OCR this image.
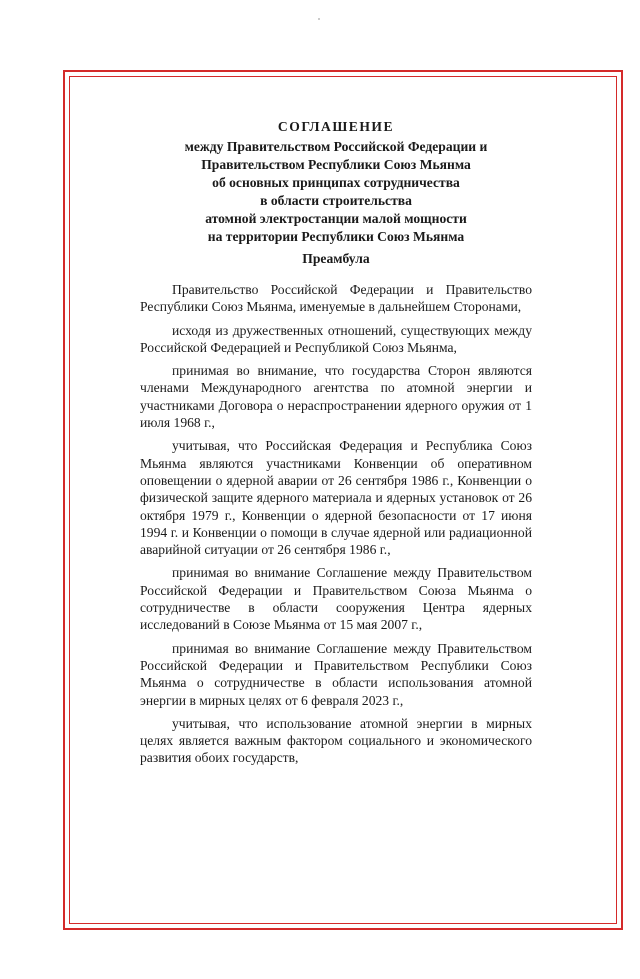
СОГЛАШЕНИЕ
между Правительством Российской Федерации и
Правительством Республики Союз Мьянма
об основных принципах сотрудничества
в области строительства
атомной электростанции малой мощности
на территории Республики Союз Мьянма
Преамбула

Правительство Российской Федерации и Правительство Республики Союз Мьянма, именуемые в дальнейшем Сторонами,

исходя из дружественных отношений, существующих между Российской Федерацией и Республикой Союз Мьянма,

принимая во внимание, что государства Сторон являются членами Международного агентства по атомной энергии и участниками Договора о нераспространении ядерного оружия от 1 июля 1968 г.,

учитывая, что Российская Федерация и Республика Союз Мьянма являются участниками Конвенции об оперативном оповещении о ядерной аварии от 26 сентября 1986 г., Конвенции о физической защите ядерного материала и ядерных установок от 26 октября 1979 г., Конвенции о ядерной безопасности от 17 июня 1994 г. и Конвенции о помощи в случае ядерной или радиационной аварийной ситуации от 26 сентября 1986 г.,

принимая во внимание Соглашение между Правительством Российской Федерации и Правительством Союза Мьянма о сотрудничестве в области сооружения Центра ядерных исследований в Союзе Мьянма от 15 мая 2007 г.,

принимая во внимание Соглашение между Правительством Российской Федерации и Правительством Республики Союз Мьянма о сотрудничестве в области использования атомной энергии в мирных целях от 6 февраля 2023 г.,

учитывая, что использование атомной энергии в мирных целях является важным фактором социального и экономического развития обоих государств,
